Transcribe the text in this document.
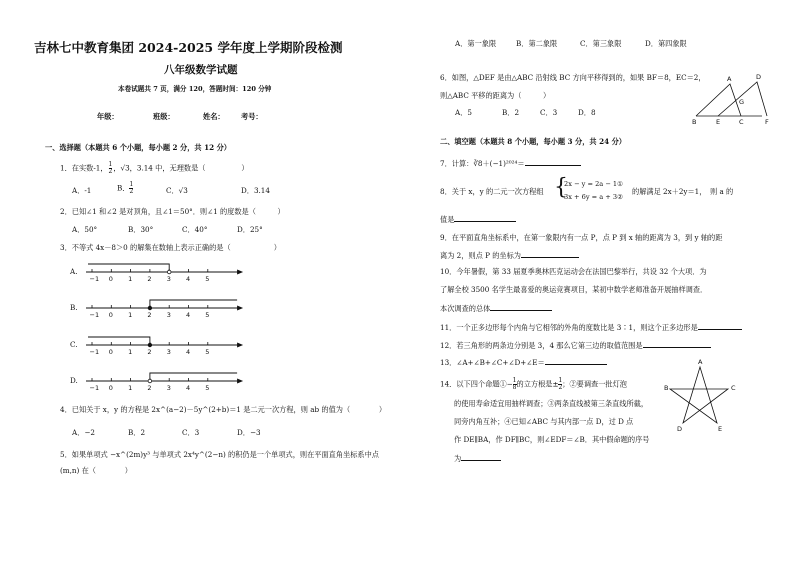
吉林七中教育集团 2024-2025 学年度上学期阶段检测
八年级数学试题
本卷试题共 7 页，满分 120，答题时间：120 分钟
年级：	班级：	姓名： 考号：
一、选择题（本题共 6 个小题，每小题 2 分，共 12 分）
1．在实数-1， $\frac{1}{2}$ ，√3，3.14 中，无理数是（　　　　　）
A．-1	B． $\frac{1}{2}$	C．√3	D．3.14
2．已知∠1 和∠2 是对顶角，且∠1＝50°．则∠1 的度数是（　　　）
A．50°	B．30°	C．40°	D．25°
3．不等式 4x－8＞0 的解集在数轴上表示正确的是（　　　　　　）
A.
B.
C.
D.
−1 0 1 2 3 4 5
−1 0 1 2 3 4 5
−1 0 1 2 3 4 5
−1 0 1 2 3 4 5
4．已知关于 x，y 的方程是 2x^(a−2)－5y^(2+b)＝1 是二元一次方程，则 ab 的值为（　　　　）
A．−2	B．2	C．3	D．−3
5．如果单项式 −x^(2m)y³ 与单项式 2x⁴y^(2−n) 的积仍是一个单项式，则在平面直角坐标系中点
(m,n) 在（　　　　）
A．第一象限	B．第二象限	C．第三象限	D．第四象限
6．如图，△DEF 是由△ABC 沿射线 BC 方向平移得到的，如果 BF＝8，EC＝2，
则△ABC 平移的距离为（　　　）
A．5	B．2	C．3	D．8
A	D
G
B	E	C	F
二、填空题（本题共 8 个小题，每小题 3 分，共 24 分）
7．计算：∛8＋(−1)²⁰²⁴＝
8．关于 x，y 的二元一次方程组 {
2x − y = 2a − 1①
3x + 6y = a + 3②
的解满足 2x＋2y＝1，　则 a 的
值是
9．在平面直角坐标系中，在第一象限内有一点 P，点 P 到 x 轴的距离为 3，到 y 轴的距
离为 2，则点 P 的坐标为
10．今年暑假，第 33 届夏季奥林匹克运动会在法国巴黎举行，共设 32 个大项．为
了解全校 3500 名学生最喜爱的奥运竞赛项目，某初中数学老师准备开展抽样调查．
本次调查的总体
11．一个正多边形每个内角与它相邻的外角的度数比是 3∶1，则这个正多边形是
12．若三角形的两条边分别是 3，4 那么它第三边的取值范围是
13．∠A+∠B+∠C+∠D+∠E＝
14．以下四个命题①− $\frac{1}{8}$ 的立方根是± $\frac{1}{2}$ ；②要调查一批灯泡
的使用寿命适宜用抽样调查；③两条直线被第三条直线所截，
同旁内角互补；④已知∠ABC 与其内部一点 D，过 D 点
作 DE∥BA，作 DF∥BC，则∠EDF＝∠B．其中假命题的序号
为
A
B	C
D	E
